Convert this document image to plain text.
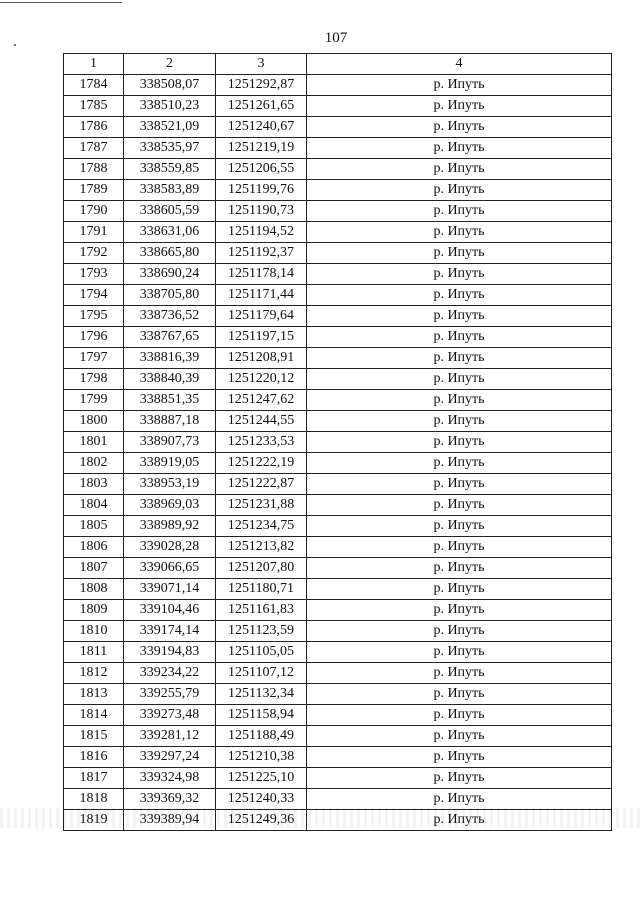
107
1	2	3	4
1784	338508,07	1251292,87	р. Ипуть
1785	338510,23	1251261,65	р. Ипуть
1786	338521,09	1251240,67	р. Ипуть
1787	338535,97	1251219,19	р. Ипуть
1788	338559,85	1251206,55	р. Ипуть
1789	338583,89	1251199,76	р. Ипуть
1790	338605,59	1251190,73	р. Ипуть
1791	338631,06	1251194,52	р. Ипуть
1792	338665,80	1251192,37	р. Ипуть
1793	338690,24	1251178,14	р. Ипуть
1794	338705,80	1251171,44	р. Ипуть
1795	338736,52	1251179,64	р. Ипуть
1796	338767,65	1251197,15	р. Ипуть
1797	338816,39	1251208,91	р. Ипуть
1798	338840,39	1251220,12	р. Ипуть
1799	338851,35	1251247,62	р. Ипуть
1800	338887,18	1251244,55	р. Ипуть
1801	338907,73	1251233,53	р. Ипуть
1802	338919,05	1251222,19	р. Ипуть
1803	338953,19	1251222,87	р. Ипуть
1804	338969,03	1251231,88	р. Ипуть
1805	338989,92	1251234,75	р. Ипуть
1806	339028,28	1251213,82	р. Ипуть
1807	339066,65	1251207,80	р. Ипуть
1808	339071,14	1251180,71	р. Ипуть
1809	339104,46	1251161,83	р. Ипуть
1810	339174,14	1251123,59	р. Ипуть
1811	339194,83	1251105,05	р. Ипуть
1812	339234,22	1251107,12	р. Ипуть
1813	339255,79	1251132,34	р. Ипуть
1814	339273,48	1251158,94	р. Ипуть
1815	339281,12	1251188,49	р. Ипуть
1816	339297,24	1251210,38	р. Ипуть
1817	339324,98	1251225,10	р. Ипуть
1818	339369,32	1251240,33	р. Ипуть
1819	339389,94	1251249,36	р. Ипуть
